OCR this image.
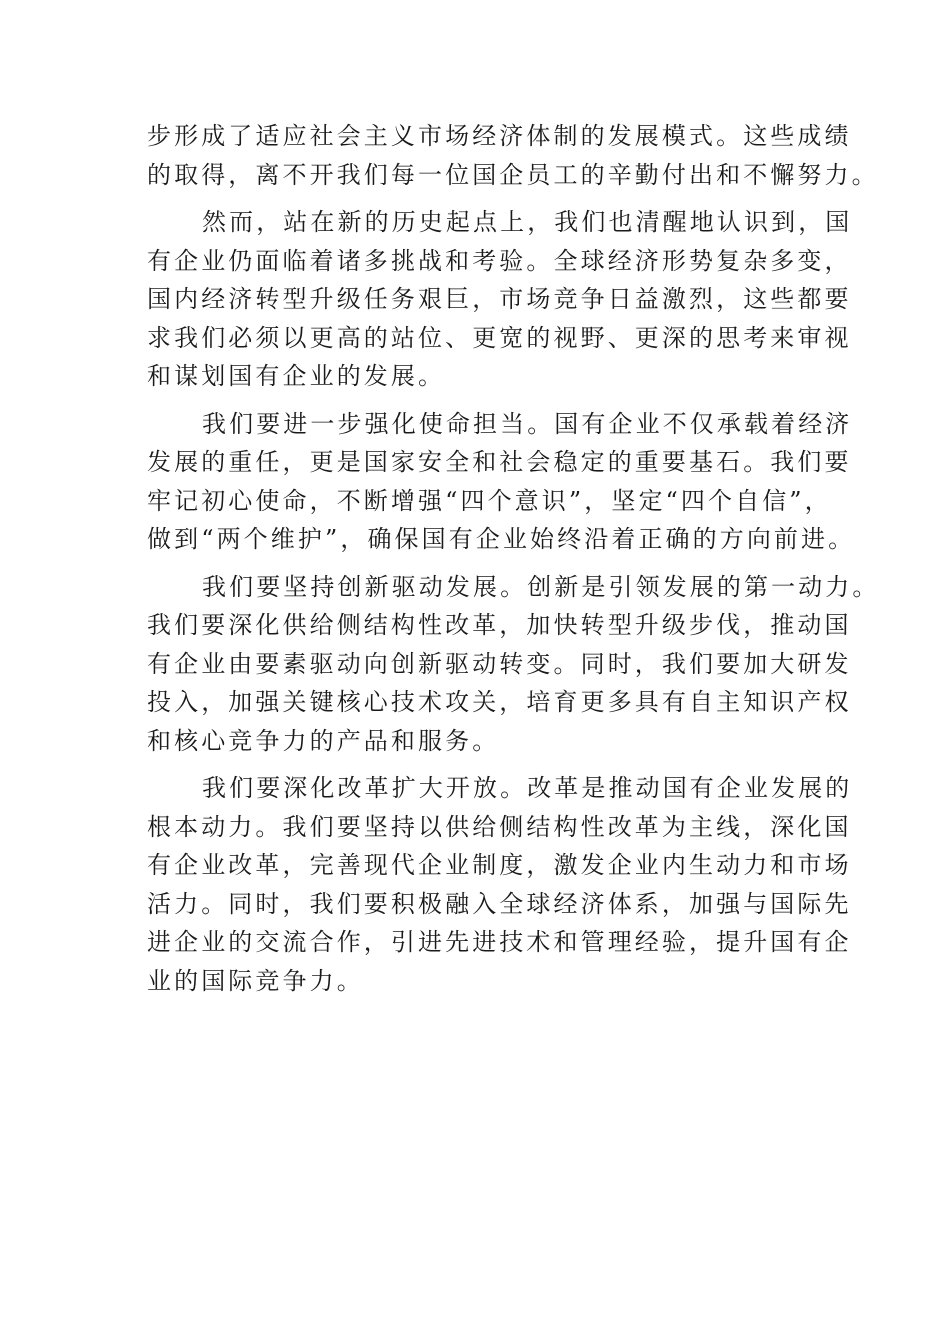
步形成了适应社会主义市场经济体制的发展模式。这些成绩
的取得，离不开我们每一位国企员工的辛勤付出和不懈努力。
然而，站在新的历史起点上，我们也清醒地认识到，国
有企业仍面临着诸多挑战和考验。全球经济形势复杂多变，
国内经济转型升级任务艰巨，市场竞争日益激烈，这些都要
求我们必须以更高的站位、更宽的视野、更深的思考来审视
和谋划国有企业的发展。
我们要进一步强化使命担当。国有企业不仅承载着经济
发展的重任，更是国家安全和社会稳定的重要基石。我们要
牢记初心使命，不断增强“四个意识”，坚定“四个自信”，
做到“两个维护”，确保国有企业始终沿着正确的方向前进。
我们要坚持创新驱动发展。创新是引领发展的第一动力。
我们要深化供给侧结构性改革，加快转型升级步伐，推动国
有企业由要素驱动向创新驱动转变。同时，我们要加大研发
投入，加强关键核心技术攻关，培育更多具有自主知识产权
和核心竞争力的产品和服务。
我们要深化改革扩大开放。改革是推动国有企业发展的
根本动力。我们要坚持以供给侧结构性改革为主线，深化国
有企业改革，完善现代企业制度，激发企业内生动力和市场
活力。同时，我们要积极融入全球经济体系，加强与国际先
进企业的交流合作，引进先进技术和管理经验，提升国有企
业的国际竞争力。
